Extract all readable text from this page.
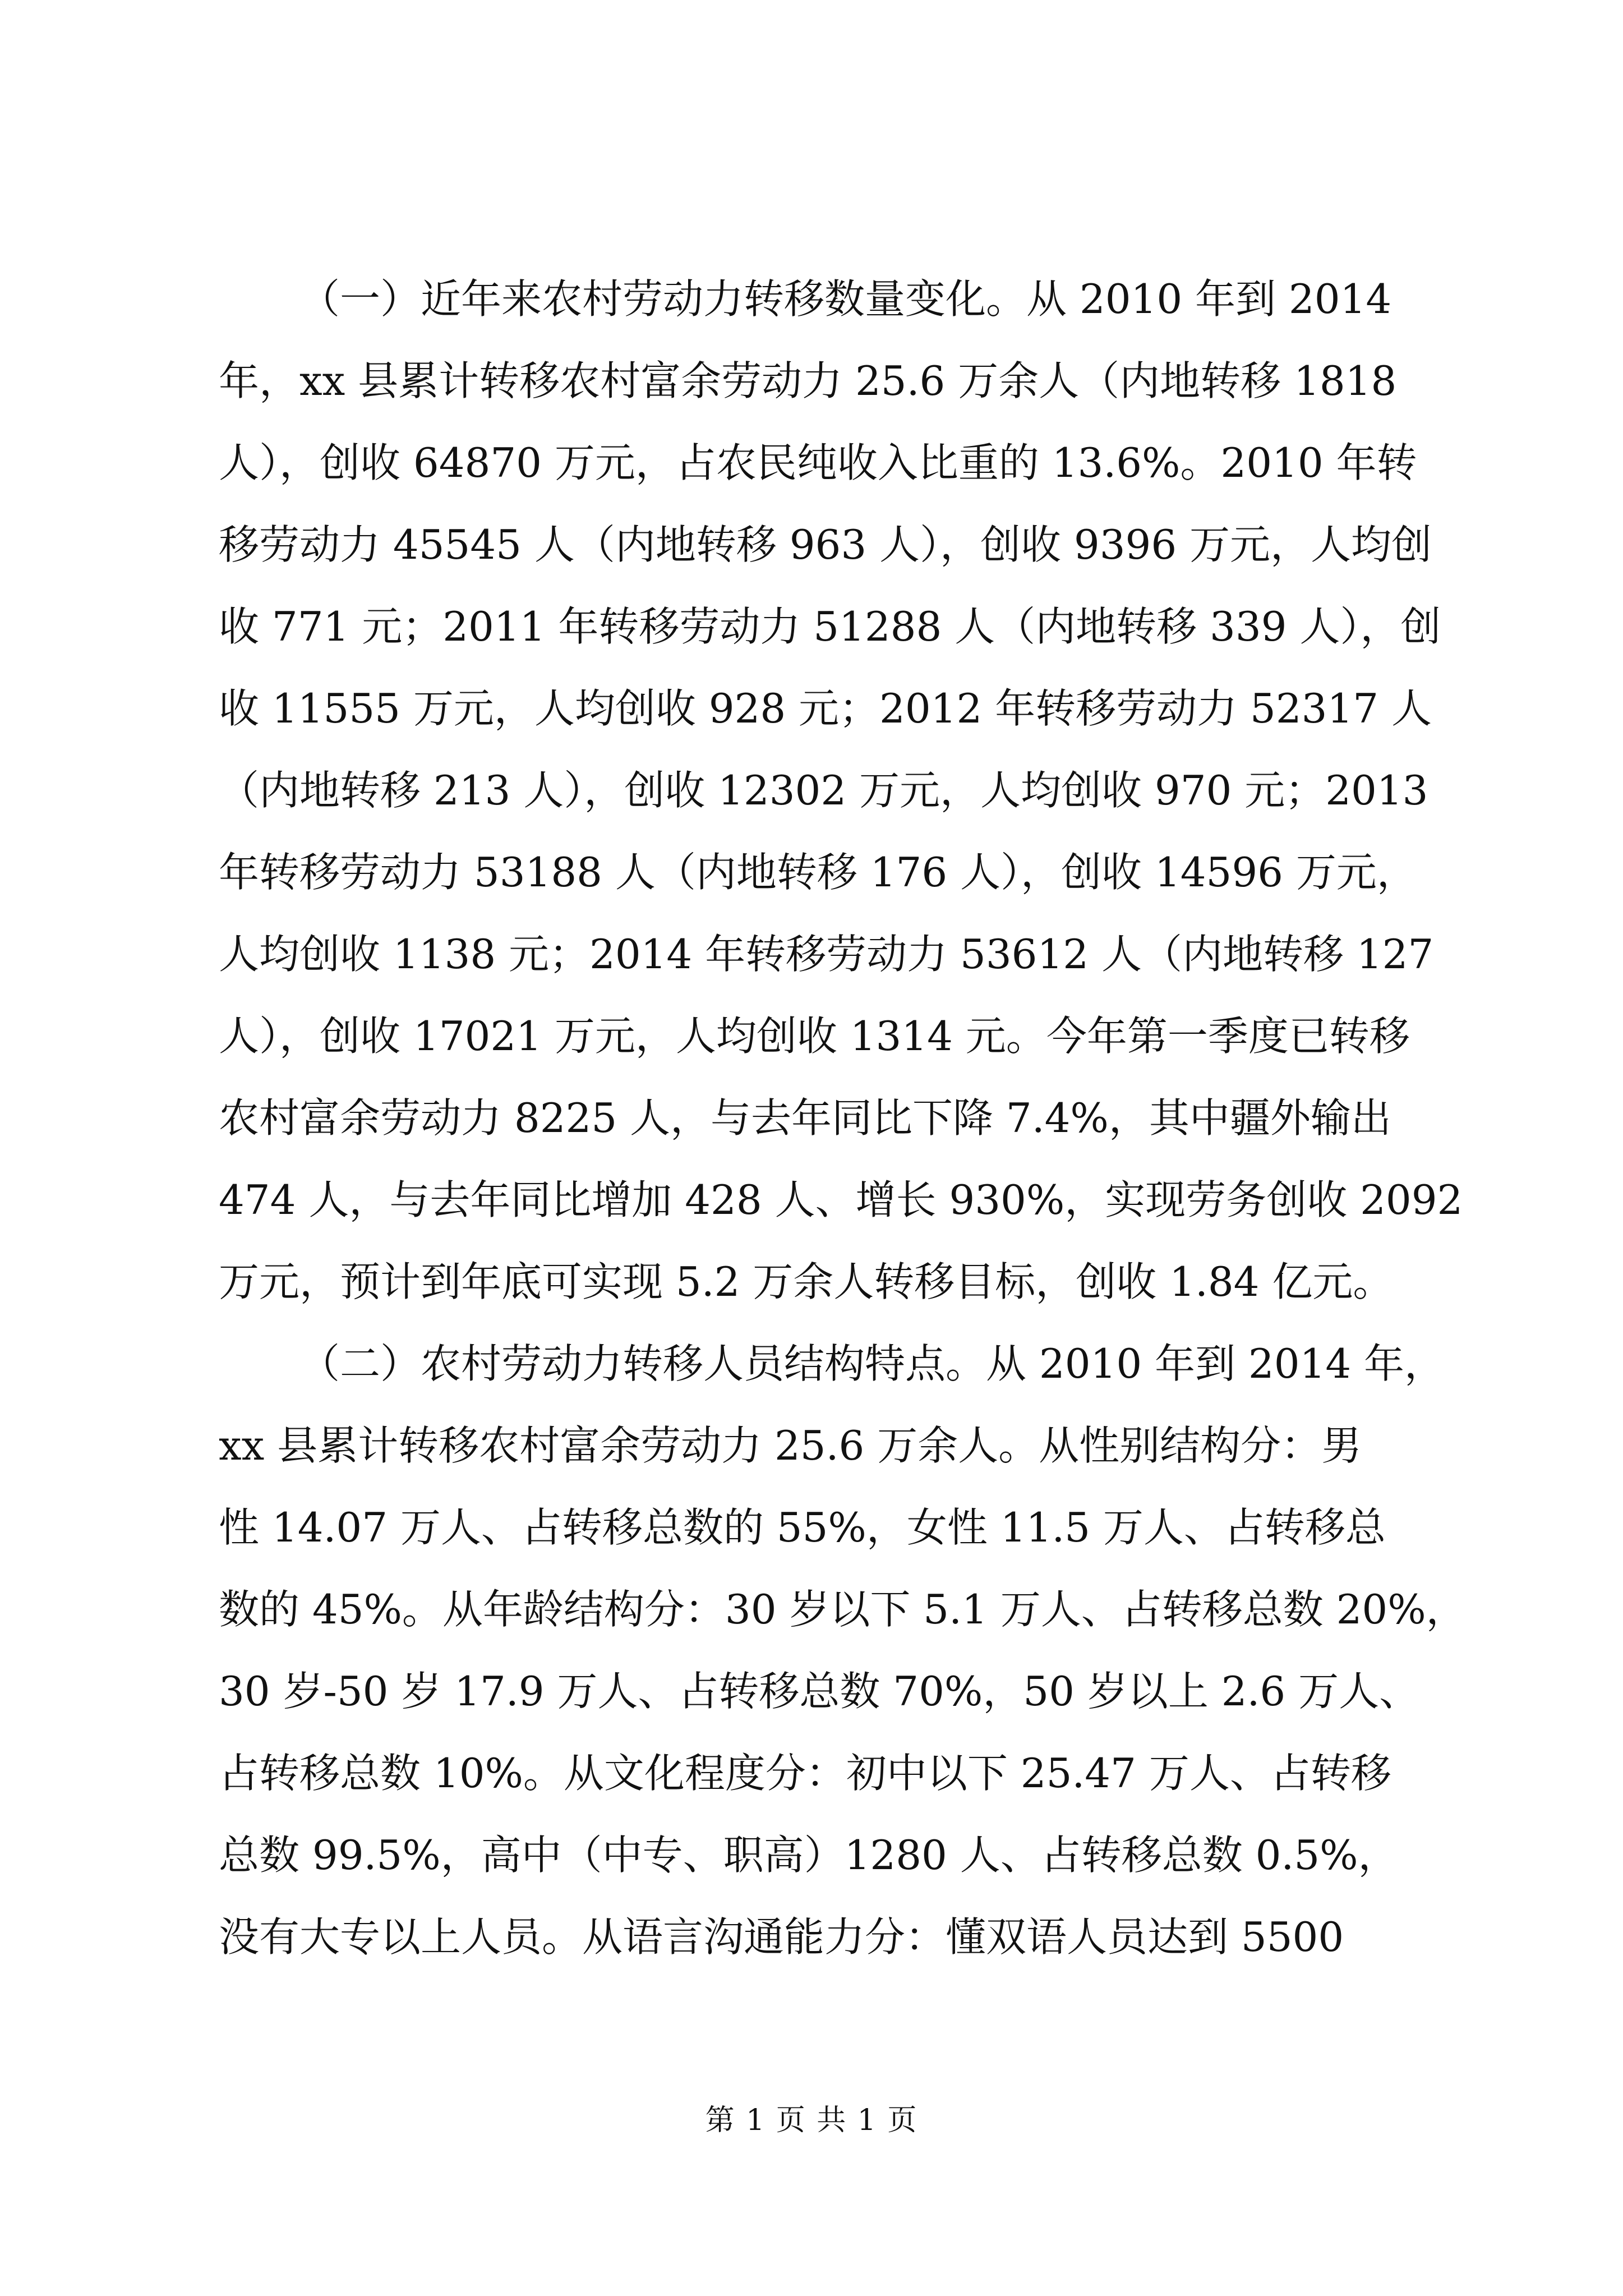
（一）近年来农村劳动力转移数量变化。从 2010 年到 2014
年，xx 县累计转移农村富余劳动力 25.6 万余人（内地转移 1818
人），创收 64870 万元，占农民纯收入比重的 13.6%。2010 年转
移劳动力 45545 人（内地转移 963 人），创收 9396 万元，人均创
收 771 元；2011 年转移劳动力 51288 人（内地转移 339 人），创
收 11555 万元，人均创收 928 元；2012 年转移劳动力 52317 人
（内地转移 213 人），创收 12302 万元，人均创收 970 元；2013
年转移劳动力 53188 人（内地转移 176 人），创收 14596 万元，
人均创收 1138 元；2014 年转移劳动力 53612 人（内地转移 127
人），创收 17021 万元，人均创收 1314 元。今年第一季度已转移
农村富余劳动力 8225 人，与去年同比下降 7.4%，其中疆外输出
474 人，与去年同比增加 428 人、增长 930%，实现劳务创收 2092
万元，预计到年底可实现 5.2 万余人转移目标，创收 1.84 亿元。
（二）农村劳动力转移人员结构特点。从 2010 年到 2014 年，
xx 县累计转移农村富余劳动力 25.6 万余人。从性别结构分：男
性 14.07 万人、占转移总数的 55%，女性 11.5 万人、占转移总
数的 45%。从年龄结构分：30 岁以下 5.1 万人、占转移总数 20%，
30 岁-50 岁 17.9 万人、占转移总数 70%，50 岁以上 2.6 万人、
占转移总数 10%。从文化程度分：初中以下 25.47 万人、占转移
总数 99.5%，高中（中专、职高）1280 人、占转移总数 0.5%，
没有大专以上人员。从语言沟通能力分：懂双语人员达到 5500
第 1 页 共 1 页
